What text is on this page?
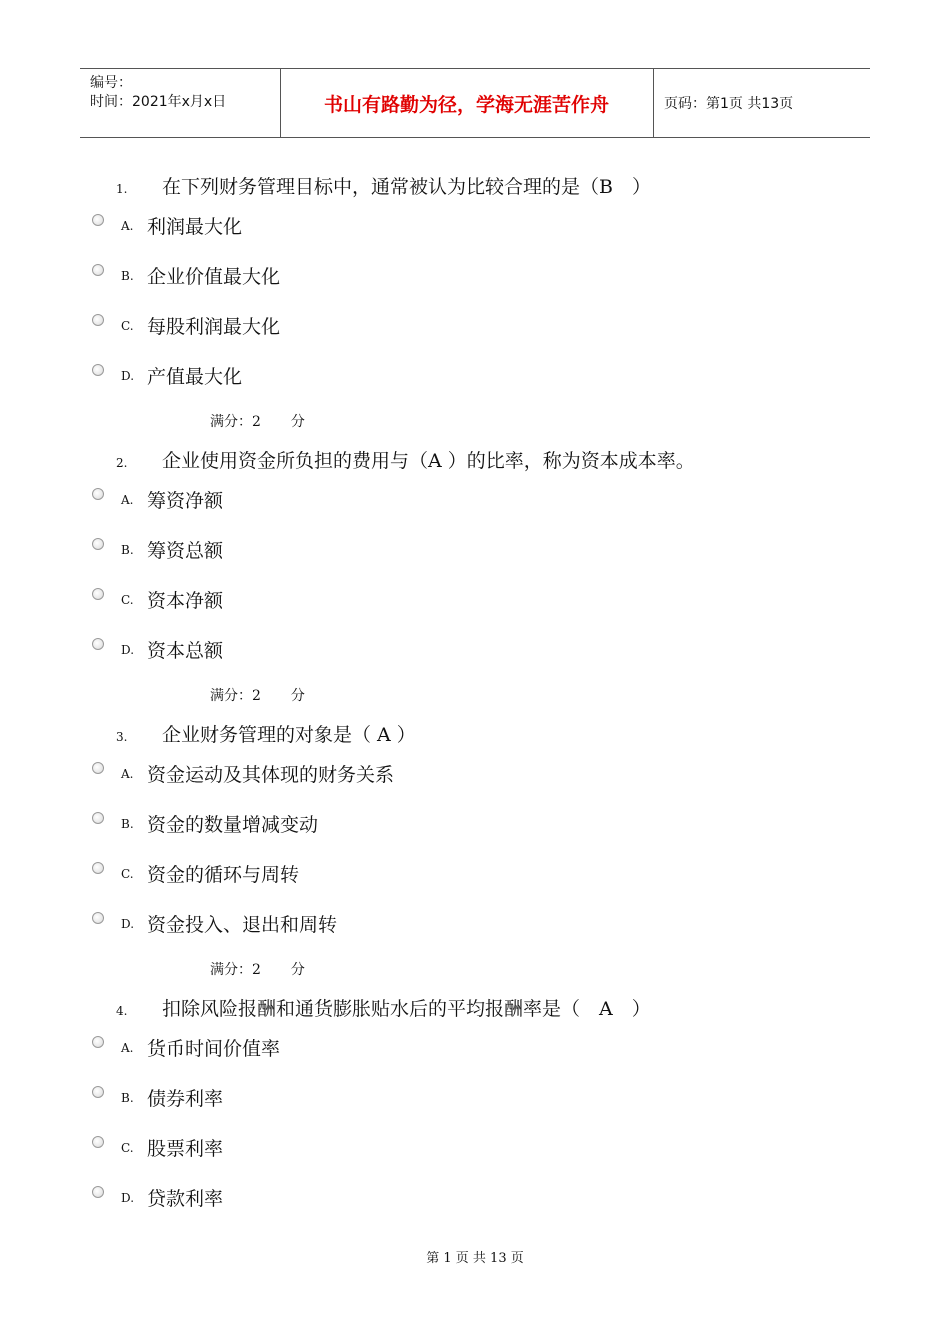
编号：
时间：2021年x月x日	书山有路勤为径，学海无涯苦作舟	页码：第1页 共13页
1. 在下列财务管理目标中，通常被认为比较合理的是（B　）
A. 利润最大化
B. 企业价值最大化
C. 每股利润最大化
D. 产值最大化
满分：2 分
2. 企业使用资金所负担的费用与（A ）的比率，称为资本成本率。
A. 筹资净额
B. 筹资总额
C. 资本净额
D. 资本总额
满分：2 分
3. 企业财务管理的对象是（ A ）
A. 资金运动及其体现的财务关系
B. 资金的数量增减变动
C. 资金的循环与周转
D. 资金投入、退出和周转
满分：2 分
4. 扣除风险报酬和通货膨胀贴水后的平均报酬率是（　A　）
A. 货币时间价值率
B. 债券利率
C. 股票利率
D. 贷款利率
第 1 页 共 13 页
